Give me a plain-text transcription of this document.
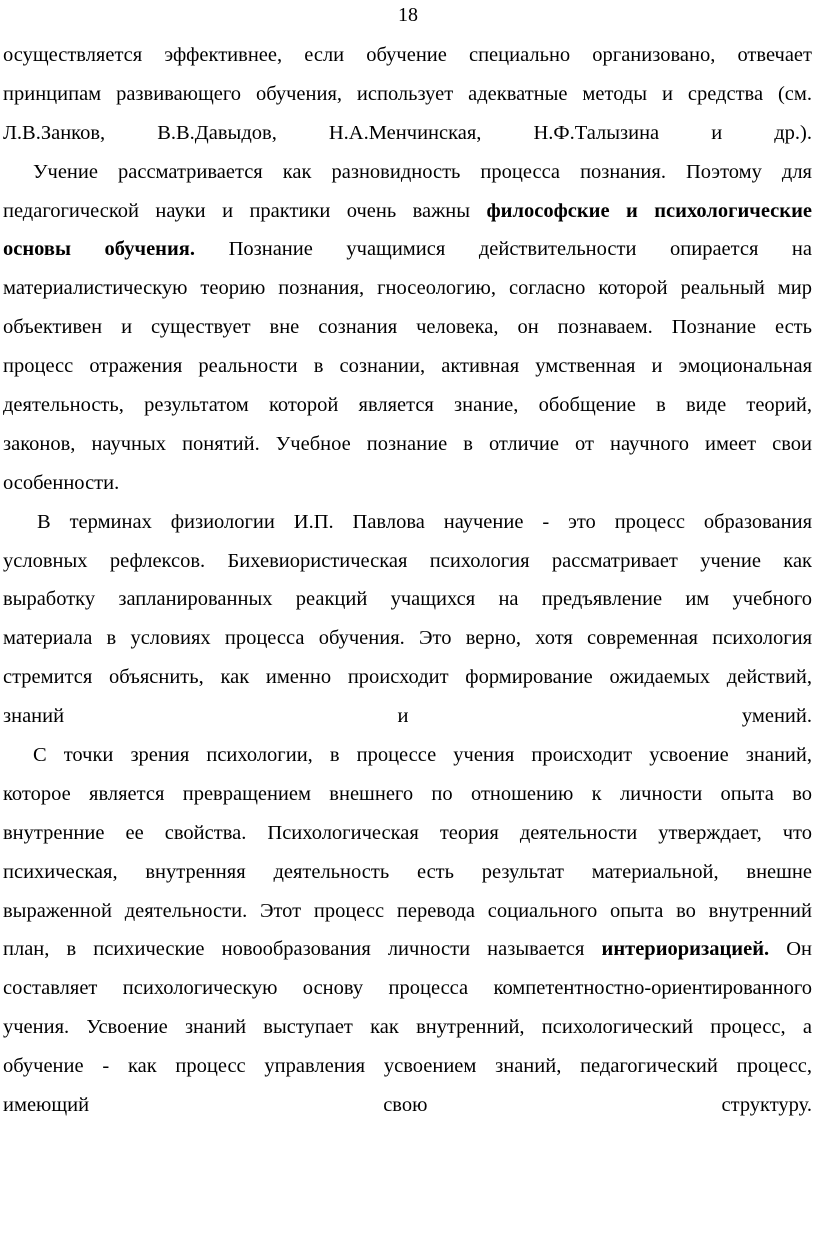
18
осуществляется эффективнее, если обучение специально организовано, отвечает
принципам развивающего обучения, использует адекватные методы и средства (см.
Л.В.Занков, В.В.Давыдов, Н.А.Менчинская, Н.Ф.Талызина и др.).
Учение рассматривается как разновидность процесса познания. Поэтому для
педагогической науки и практики очень важны философские и психологические
основы обучения. Познание учащимися действительности опирается на
материалистическую теорию познания, гносеологию, согласно которой реальный мир
объективен и существует вне сознания человека, он познаваем. Познание есть
процесс отражения реальности в сознании, активная умственная и эмоциональная
деятельность, результатом которой является знание, обобщение в виде теорий,
законов, научных понятий. Учебное познание в отличие от научного имеет свои
особенности.
В терминах физиологии И.П. Павлова научение - это процесс образования
условных рефлексов. Бихевиористическая психология рассматривает учение как
выработку запланированных реакций учащихся на предъявление им учебного
материала в условиях процесса обучения. Это верно, хотя современная психология
стремится объяснить, как именно происходит формирование ожидаемых действий,
знаний и умений.
С точки зрения психологии, в процессе учения происходит усвоение знаний,
которое является превращением внешнего по отношению к личности опыта во
внутренние ее свойства. Психологическая теория деятельности утверждает, что
психическая, внутренняя деятельность есть результат материальной, внешне
выраженной деятельности. Этот процесс перевода социального опыта во внутренний
план, в психические новообразования личности называется интериоризацией. Он
составляет психологическую основу процесса компетентностно-ориентированного
учения. Усвоение знаний выступает как внутренний, психологический процесс, а
обучение - как процесс управления усвоением знаний, педагогический процесс,
имеющий свою структуру.
